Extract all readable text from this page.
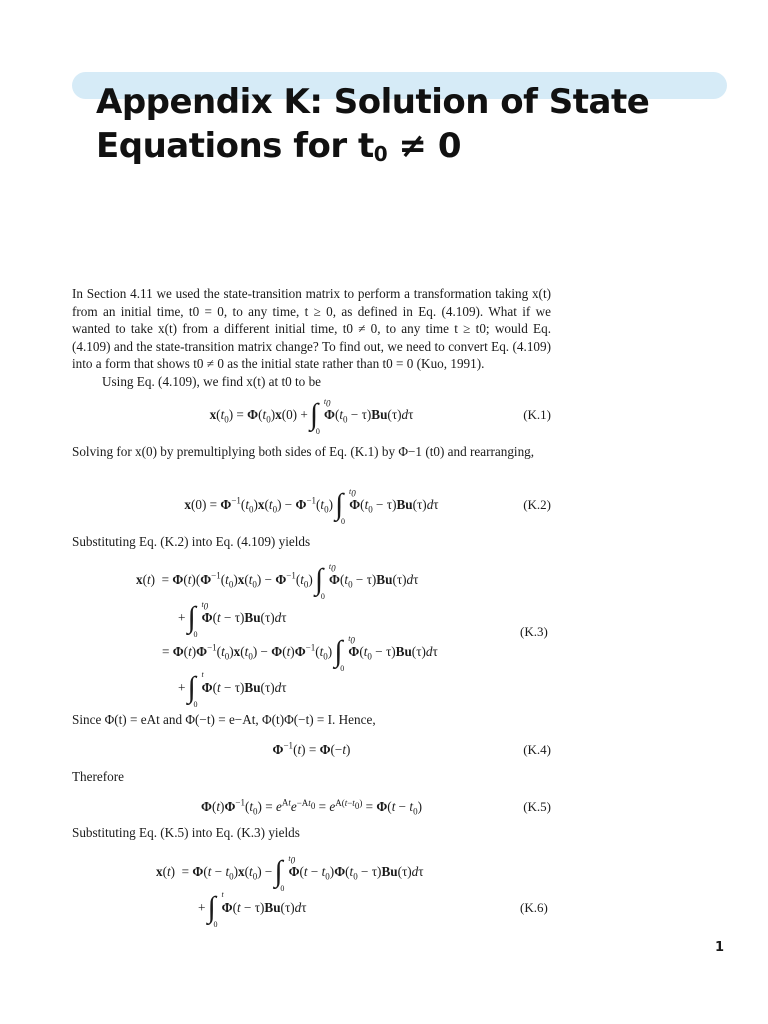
Appendix K: Solution of State
Equations for $t_0 \ne 0$
In Section 4.11 we used the state-transition matrix to perform a transformation taking x(t) from an initial time, t0 = 0, to any time, t ≥ 0, as defined in Eq. (4.109). What if we wanted to take x(t) from a different initial time, t0 ≠ 0, to any time t ≥ t0; would Eq. (4.109) and the state-transition matrix change? To find out, we need to convert Eq. (4.109) into a form that shows t0 ≠ 0 as the initial state rather than t0 = 0 (Kuo, 1991).
Using Eq. (4.109), we find x(t) at t0 to be
$x(t_0) = \Phi(t_0)x(0)$ + ∫ $t_0$
0
$\Phi(t_0 - \tau)Bu(\tau)d\tau$	(K.1)
Solving for x(0) by premultiplying both sides of Eq. (K.1) by Φ−1 (t0) and rearranging,
$x(0) = \Phi^{-1}(t_0)x(t_0) - \Phi^{-1}(t_0)$ ∫ $t_0$
0
$\Phi(t_0 - \tau)Bu(\tau)d\tau$	(K.2)
Substituting Eq. (K.2) into Eq. (4.109) yields
$x(t) = \Phi(t)(\Phi^{-1}(t_0)x(t_0) - \Phi^{-1}(t_0)$ ∫ $t_0$
0
$\Phi(t_0 - \tau)Bu(\tau)d\tau$
+ ∫ $t_0$
0
Φ(t − τ)Bu(τ)dτ
= $\Phi(t)\Phi^{-1}(t_0)x(t_0) - \Phi(t)\Phi^{-1}(t_0)$ ∫ $t_0$
0
$\Phi(t_0 - \tau)Bu(\tau)d\tau$
+ ∫ t
0
Φ(t − τ)Bu(τ)dτ
(K.3)
Since Φ(t) = eAt and Φ(−t) = e−At, Φ(t)Φ(−t) = I. Hence,
$\Phi^{-1}(t) = \Phi(-t)$	(K.4)
Therefore
$\Phi(t)\Phi^{-1}(t_0) = e^{At}e^{-At_0} = e^{A(t-t_0)} = \Phi(t - t_0)$	(K.5)
Substituting Eq. (K.5) into Eq. (K.3) yields
$x(t) = \Phi(t - t_0)x(t_0)$ − ∫ $t_0$
0
$\Phi(t - t_0)\Phi(t_0 - \tau)Bu(\tau)d\tau$
+ ∫ t
0
Φ(t − τ)Bu(τ)dτ	(K.6)
1
